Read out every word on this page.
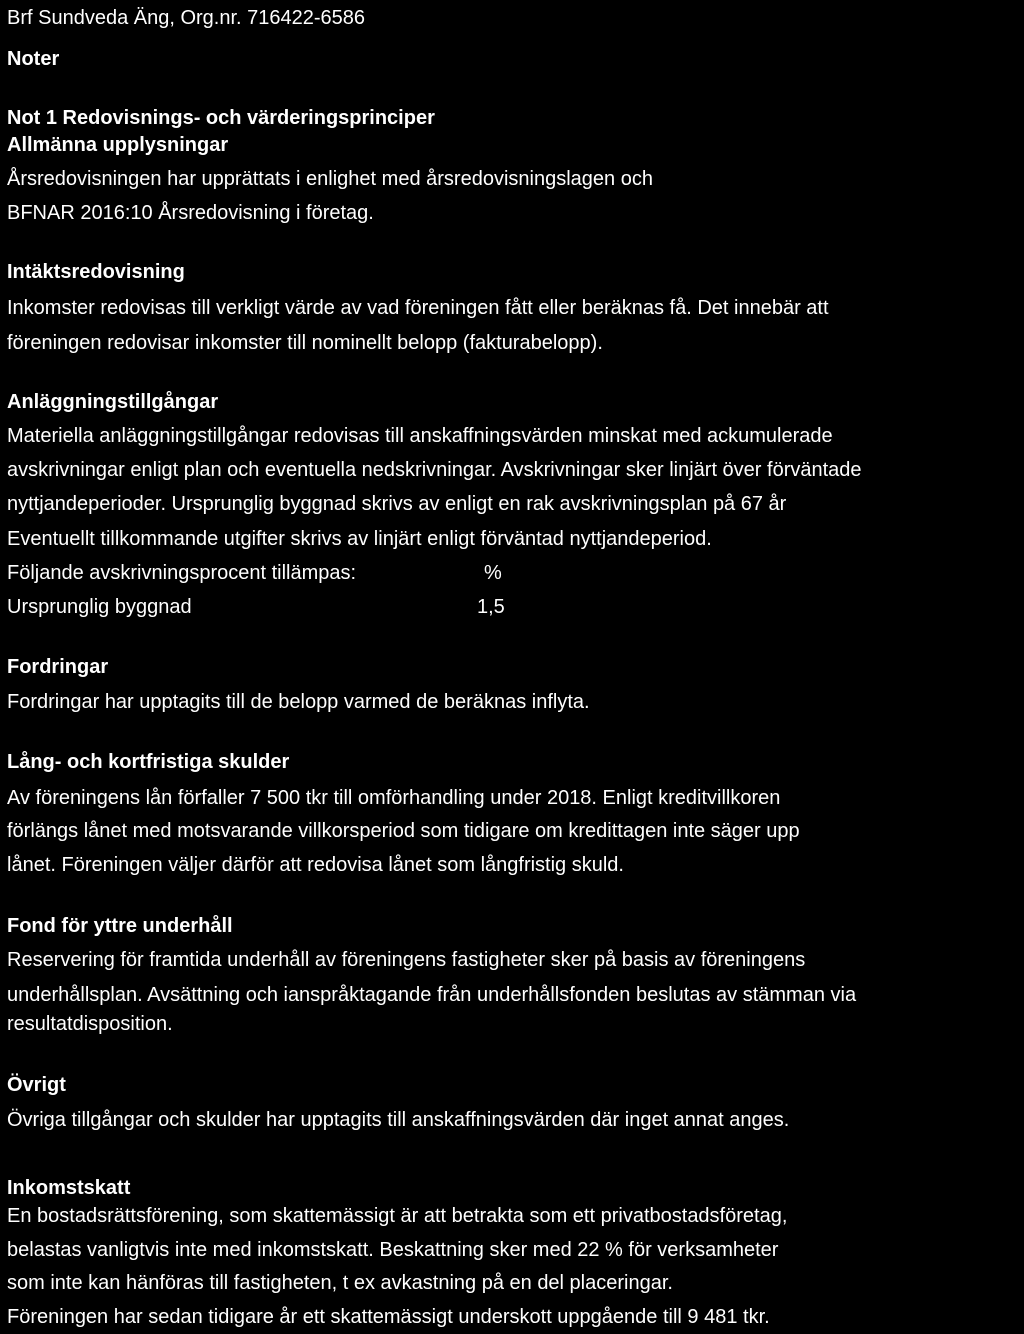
Brf Sundveda Äng, Org.nr. 716422-6586
Noter
Not 1 Redovisnings- och värderingsprinciper
Allmänna upplysningar
Årsredovisningen har upprättats i enlighet med årsredovisningslagen och
BFNAR 2016:10 Årsredovisning i företag.
Intäktsredovisning
Inkomster redovisas till verkligt värde av vad föreningen fått eller beräknas få. Det innebär att
föreningen redovisar inkomster till nominellt belopp (fakturabelopp).
Anläggningstillgångar
Materiella anläggningstillgångar redovisas till anskaffningsvärden minskat med ackumulerade
avskrivningar enligt plan och eventuella nedskrivningar. Avskrivningar sker linjärt över förväntade
nyttjandeperioder. Ursprunglig byggnad skrivs av enligt en rak avskrivningsplan på 67 år
Eventuellt tillkommande utgifter skrivs av linjärt enligt förväntad nyttjandeperiod.
Följande avskrivningsprocent tillämpas:	%
Ursprunglig byggnad	1,5
Fordringar
Fordringar har upptagits till de belopp varmed de beräknas inflyta.
Lång- och kortfristiga skulder
Av föreningens lån förfaller 7 500 tkr till omförhandling under 2018. Enligt kreditvillkoren
förlängs lånet med motsvarande villkorsperiod som tidigare om kredittagen inte säger upp
lånet. Föreningen väljer därför att redovisa lånet som långfristig skuld.
Fond för yttre underhåll
Reservering för framtida underhåll av föreningens fastigheter sker på basis av föreningens
underhållsplan. Avsättning och ianspråktagande från underhållsfonden beslutas av stämman via
resultatdisposition.
Övrigt
Övriga tillgångar och skulder har upptagits till anskaffningsvärden där inget annat anges.
Inkomstskatt
En bostadsrättsförening, som skattemässigt är att betrakta som ett privatbostadsföretag,
belastas vanligtvis inte med inkomstskatt. Beskattning sker med 22 % för verksamheter
som inte kan hänföras till fastigheten, t ex avkastning på en del placeringar.
Föreningen har sedan tidigare år ett skattemässigt underskott uppgående till 9 481 tkr.
